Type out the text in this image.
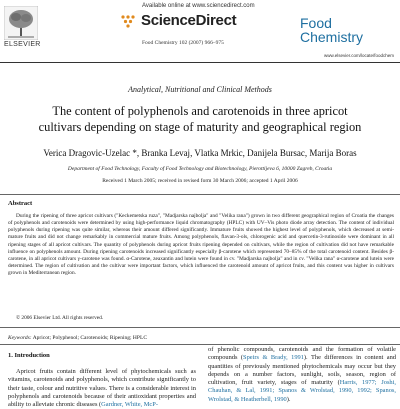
ELSEVIER
Available online at www.sciencedirect.com
ScienceDirect
Food Chemistry 102 (2007) 966–975
Food
Chemistry
www.elsevier.com/locate/foodchem
Analytical, Nutritional and Clinical Methods
The content of polyphenols and carotenoids in three apricot cultivars depending on stage of maturity and geographical region
Verica Dragovic-Uzelac *, Branka Levaj, Vlatka Mrkic, Danijela Bursac, Marija Boras
Department of Food Technology, Faculty of Food Technology and Biotechnology, Pierottijeva 6, 10000 Zagreb, Croatia
Received 1 March 2005; received in revised form 30 March 2006; accepted 1 April 2006
Abstract
During the ripening of three apricot cultivars ("Keckemetska ruza", "Madjarska najbolja" and "Velika rana") grown in two different geographical region of Croatia the changes of polyphenols and carotenoids were determined by using high-performance liquid chromatography (HPLC) with UV–Vis photo diode array detection. The content of individual polyphenols during ripening was quite similar, whereas their amount differed significantly. Immature fruits showed the highest level of polyphenols, which decreased at semi-mature fruits and did not change remarkably in commercial mature fruits. Among polyphenols, flavan-3-ols, chlorogenic acid and quercetin-3-rutinoside were dominant in all ripening stages of all apricot cultivars. The quantity of polyphenols during apricot fruits ripening depended on cultivars, while the region of cultivation did not have remarkable influence on polyphenols amount. During ripening carotenoids increased significantly especially β-carotene which represented 70–85% of the total carotenoid content. Besides β-carotene, in all apricot cultivars γ-carotene was found. α-Carotene, zeaxantin and lutein were found in cv. "Madjarska najbolja" and in cv. "Velika rana" α-carotene and lutein were determined. The region of cultivation and the cultivar were important factors, which influenced the carotenoid amount of apricot fruits, and this content was higher in cultivars grown in Mediterranean region.
© 2006 Elsevier Ltd. All rights reserved.
Keywords: Apricot; Polyphenol; Carotenoids; Ripening; HPLC
1. Introduction
Apricot fruits contain different level of phytochemicals such as vitamins, carotenoids and polyphenols, which contribute significantly to their taste, colour and nutritive values. There is a considerable interest in polyphenols and carotenoids because of their antioxidant properties and ability to alleviate chronic diseases (Gardner, White, McP-
of phenolic compounds, carotenoids and the formation of volatile compounds (Speirs & Brady, 1991). The differences in content and quantities of previously mentioned phytochemicals may occur but they depends on a number factors, sunlight, soils, season, region of cultivation, fruit variety, stages of maturity (Harris, 1977; Joshi, Chauhan, & Lal, 1991; Spanos & Wrolstad, 1990, 1992; Spanos, Wrolstad, & Heatherbell, 1990).
